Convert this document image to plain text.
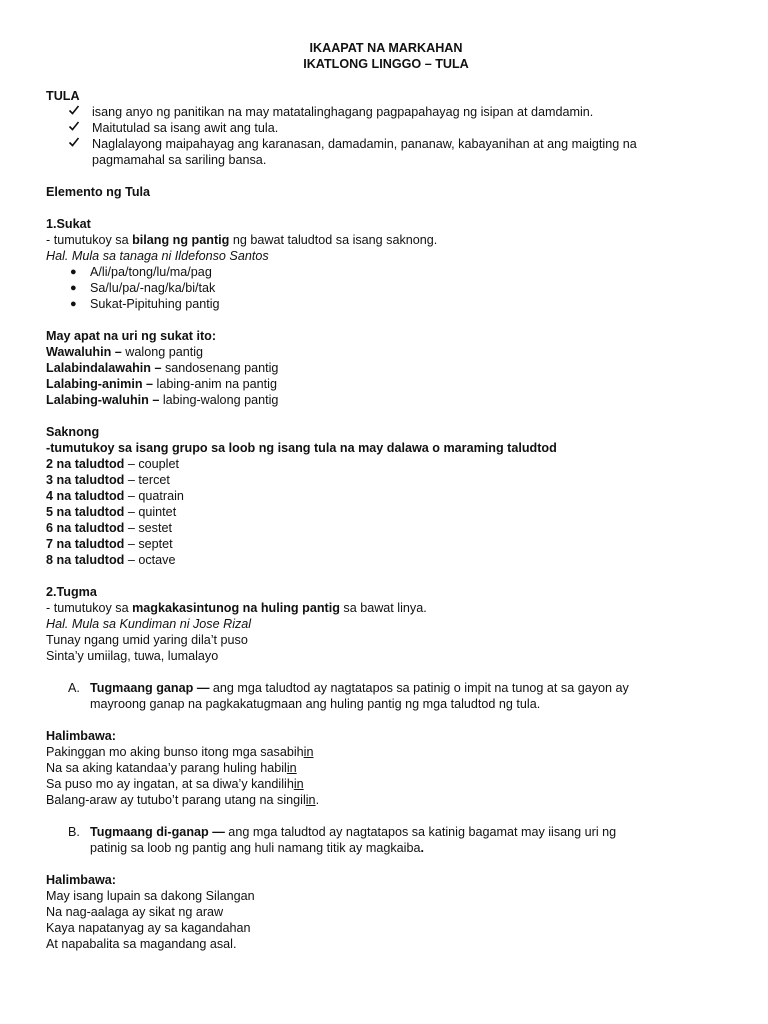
IKAAPAT NA MARKAHAN

IKATLONG LINGGO – TULA

TULA

isang anyo ng panitikan na may matatalinghagang pagpapahayag ng isipan at damdamin.
Maitutulad sa isang awit ang tula.
Naglalayong maipahayag ang karanasan, damadamin, pananaw, kabayanihan at ang maigting na
pagmamahal sa sariling bansa.

Elemento ng Tula

1.Sukat

- tumutukoy sa bilang ng pantig ng bawat taludtod sa isang saknong.

Hal. Mula sa tanaga ni Ildefonso Santos

● A/li/pa/tong/lu/ma/pag
● Sa/lu/pa/-nag/ka/bi/tak
● Sukat-Pipituhing pantig

May apat na uri ng sukat ito:

Wawaluhin – walong pantig

Lalabindalawahin – sandosenang pantig

Lalabing-animin – labing-anim na pantig

Lalabing-waluhin – labing-walong pantig

Saknong

-tumutukoy sa isang grupo sa loob ng isang tula na may dalawa o maraming taludtod

2 na taludtod – couplet

3 na taludtod – tercet

4 na taludtod – quatrain

5 na taludtod – quintet

6 na taludtod – sestet

7 na taludtod – septet

8 na taludtod – octave

2.Tugma

- tumutukoy sa magkakasintunog na huling pantig sa bawat linya.

Hal. Mula sa Kundiman ni Jose Rizal

Tunay ngang umid yaring dila’t puso

Sinta’y umiilag, tuwa, lumalayo

A. Tugmaang ganap — ang mga taludtod ay nagtatapos sa patinig o impit na tunog at sa gayon ay

mayroong ganap na pagkakatugmaan ang huling pantig ng mga taludtod ng tula.

Halimbawa:

Pakinggan mo aking bunso itong mga sasabihin

Na sa aking katandaa’y parang huling habilin

Sa puso mo ay ingatan, at sa diwa’y kandilihin

Balang-araw ay tutubo’t parang utang na singilin.

B. Tugmaang di-ganap — ang mga taludtod ay nagtatapos sa katinig bagamat may iisang uri ng

patinig sa loob ng pantig ang huli namang titik ay magkaiba.

Halimbawa:

May isang lupain sa dakong Silangan

Na nag-aalaga ay sikat ng araw

Kaya napatanyag ay sa kagandahan

At napabalita sa magandang asal.
